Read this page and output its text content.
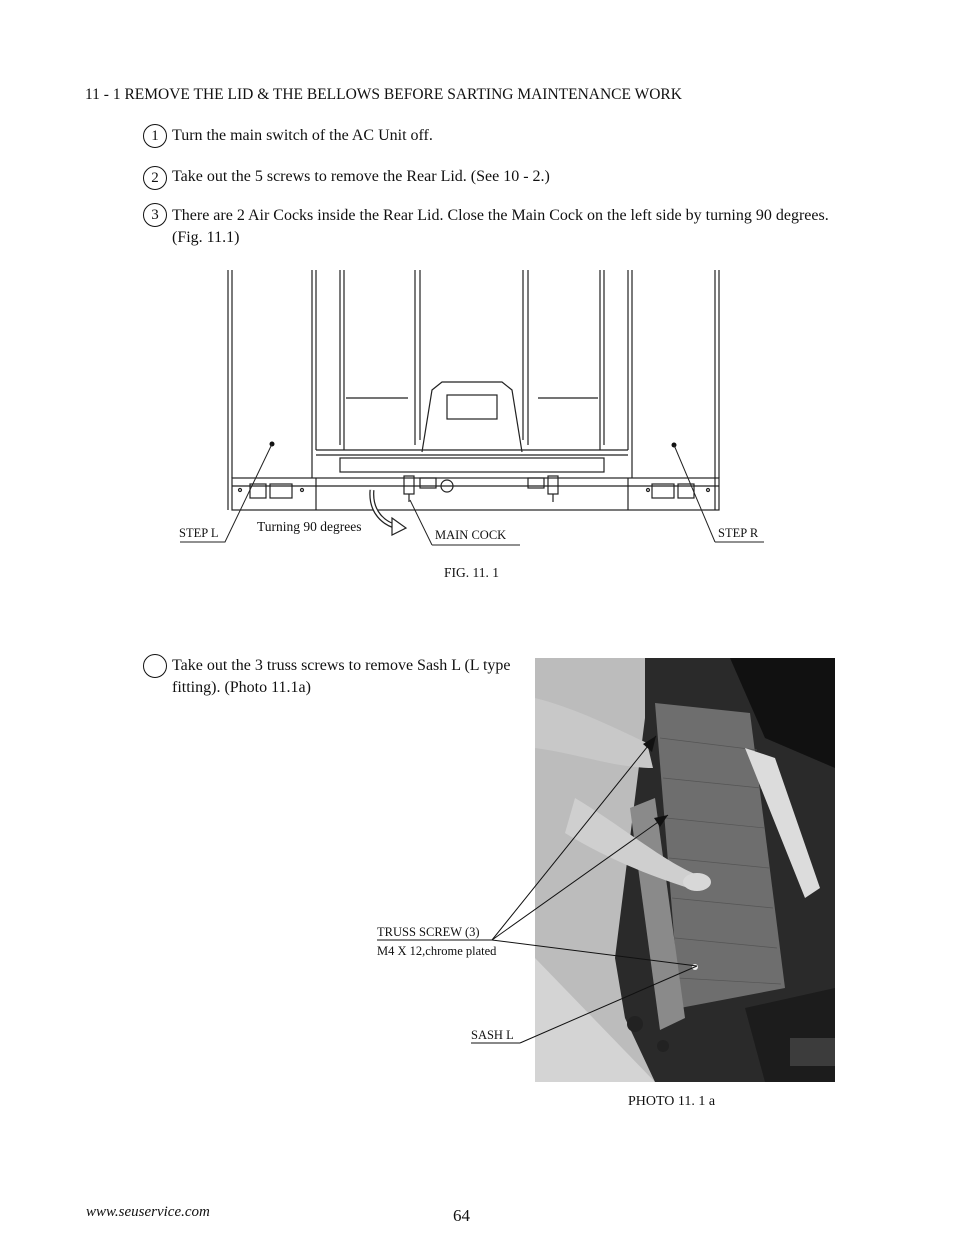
11 - 1 REMOVE THE LID & THE BELLOWS BEFORE SARTING MAINTENANCE WORK
1 Turn the main switch of the AC Unit off.
2 Take out the 5 screws to remove the Rear Lid. (See 10 - 2.)
3 There are 2 Air Cocks inside the Rear Lid. Close the Main Cock on the left side by turning 90 degrees. (Fig. 11.1)
Take out the 3 truss screws to remove Sash L (L type fitting). (Photo 11.1a)
STEP L	Turning 90 degrees
MAIN COCK	STEP R
FIG. 11. 1
TRUSS SCREW (3)
M4 X 12,chrome plated
SASH L
PHOTO 11. 1 a
www.seuservice.com	64
